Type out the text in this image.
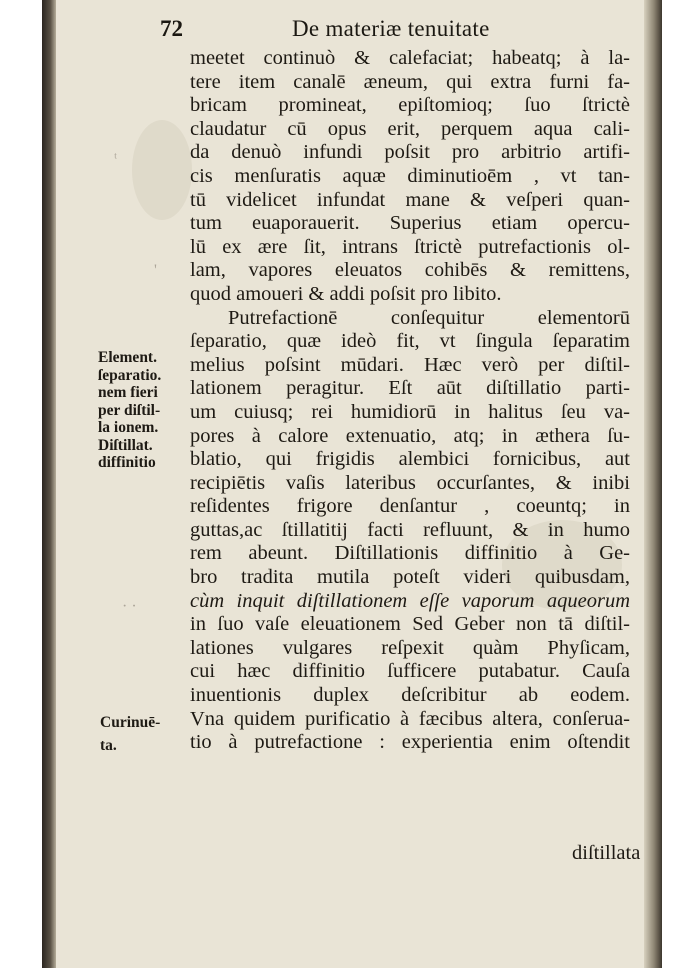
ᵗ
'
· ·
72	De materiæ tenuitate
meetet continuò & calefaciat; habeatq; à la-
tere item canalē æneum, qui extra furni fa-
bricam promineat, epiſtomioq; ſuo ſtrictè
claudatur cū opus erit, perquem aqua cali-
da denuò infundi poſsit pro arbitrio artifi-
cis menſuratis aquæ diminutioēm , vt tan-
tū videlicet infundat mane & veſperi quan-
tum euaporauerit. Superius etiam opercu-
lū ex ære ſit, intrans ſtrictè putrefactionis ol-
lam, vapores eleuatos cohibēs & remittens,
quod amoueri & addi poſsit pro libito.
Putrefactionē conſequitur elementorū
ſeparatio, quæ ideò fit, vt ſingula ſeparatim
melius poſsint mūdari. Hæc verò per diſtil-
lationem peragitur. Eſt aūt diſtillatio parti-
um cuiusq; rei humidiorū in halitus ſeu va-
pores à calore extenuatio, atq; in æthera ſu-
blatio, qui frigidis alembici fornicibus, aut
recipiētis vaſis lateribus occurſantes, & inibi
reſidentes frigore denſantur , coeuntq; in
guttas,ac ſtillatitij facti refluunt, & in humo
rem abeunt. Diſtillationis diffinitio à Ge-
bro tradita mutila poteſt videri quibusdam,
cùm inquit diſtillationem eſſe vaporum aqueorum
in ſuo vaſe eleuationem Sed Geber non tā diſtil-
lationes vulgares reſpexit quàm Phyſicam,
cui hæc diffinitio ſufficere putabatur. Cauſa
inuentionis duplex deſcribitur ab eodem.
Vna quidem purificatio à fæcibus altera, conſerua-
tio à putrefactione : experientia enim oſtendit
Element.
ſeparatio.
nem fieri
per diſtil-
la ionem.
Diſtillat.
diffinitio
Curinuē-
ta.
diſtillata
